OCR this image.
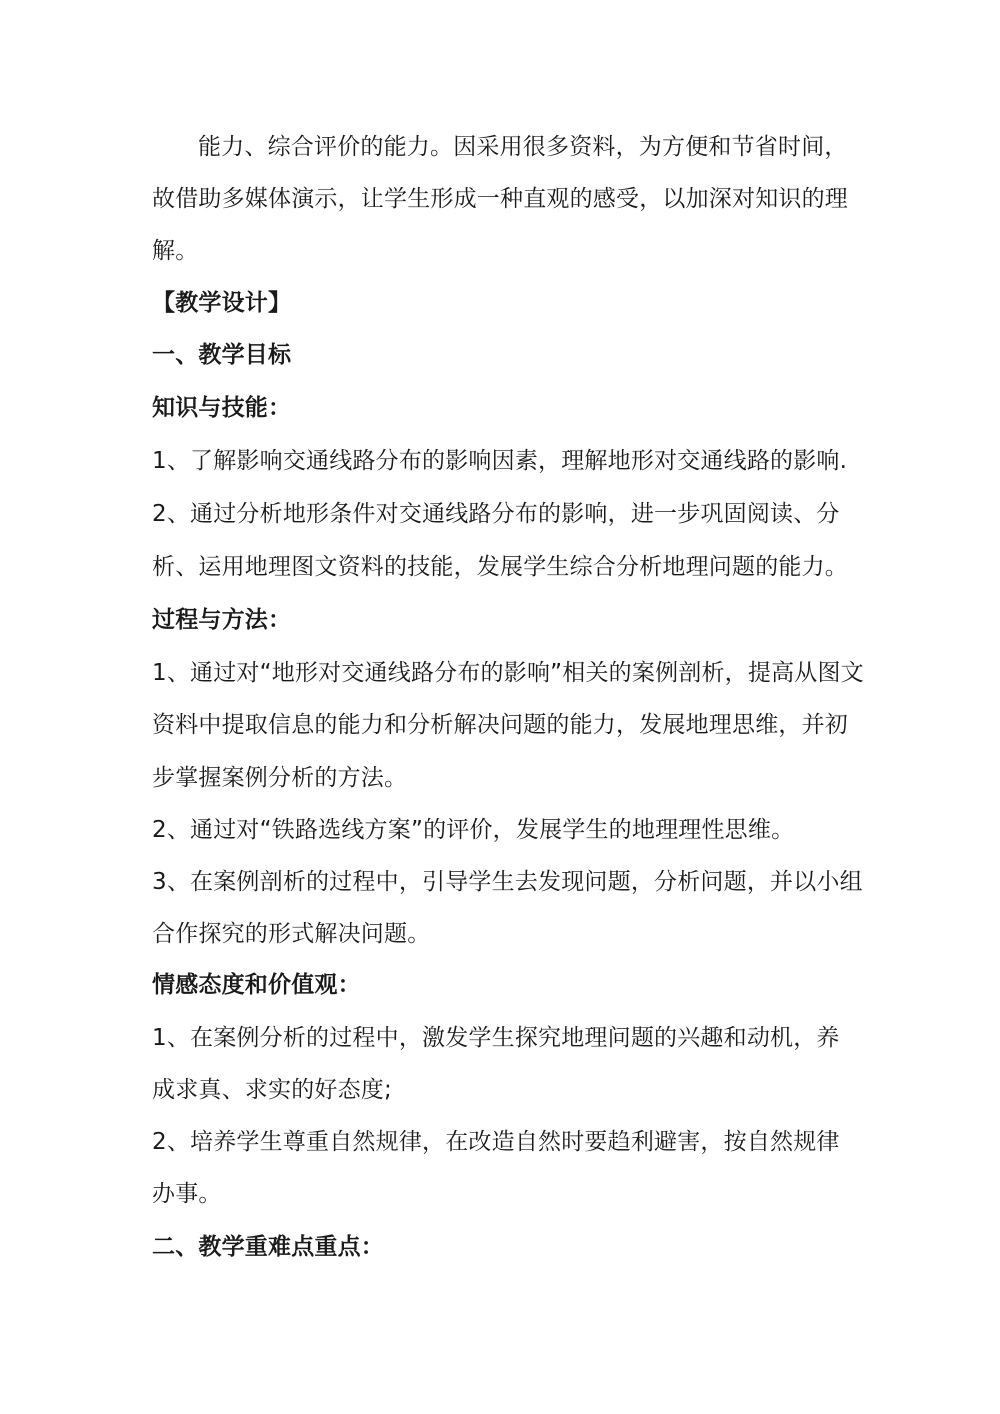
能力、综合评价的能力。因采用很多资料，为方便和节省时间，
故借助多媒体演示，让学生形成一种直观的感受，以加深对知识的理
解。
【教学设计】
一、教学目标
知识与技能：
1、了解影响交通线路分布的影响因素，理解地形对交通线路的影响.
2、通过分析地形条件对交通线路分布的影响，进一步巩固阅读、分
析、运用地理图文资料的技能，发展学生综合分析地理问题的能力。
过程与方法：
1、通过对“地形对交通线路分布的影响”相关的案例剖析，提高从图文
资料中提取信息的能力和分析解决问题的能力，发展地理思维，并初
步掌握案例分析的方法。
2、通过对“铁路选线方案”的评价，发展学生的地理理性思维。
3、在案例剖析的过程中，引导学生去发现问题，分析问题，并以小组
合作探究的形式解决问题。
情感态度和价值观：
1、在案例分析的过程中，激发学生探究地理问题的兴趣和动机，养
成求真、求实的好态度;
2、培养学生尊重自然规律，在改造自然时要趋利避害，按自然规律
办事。
二、教学重难点重点：
